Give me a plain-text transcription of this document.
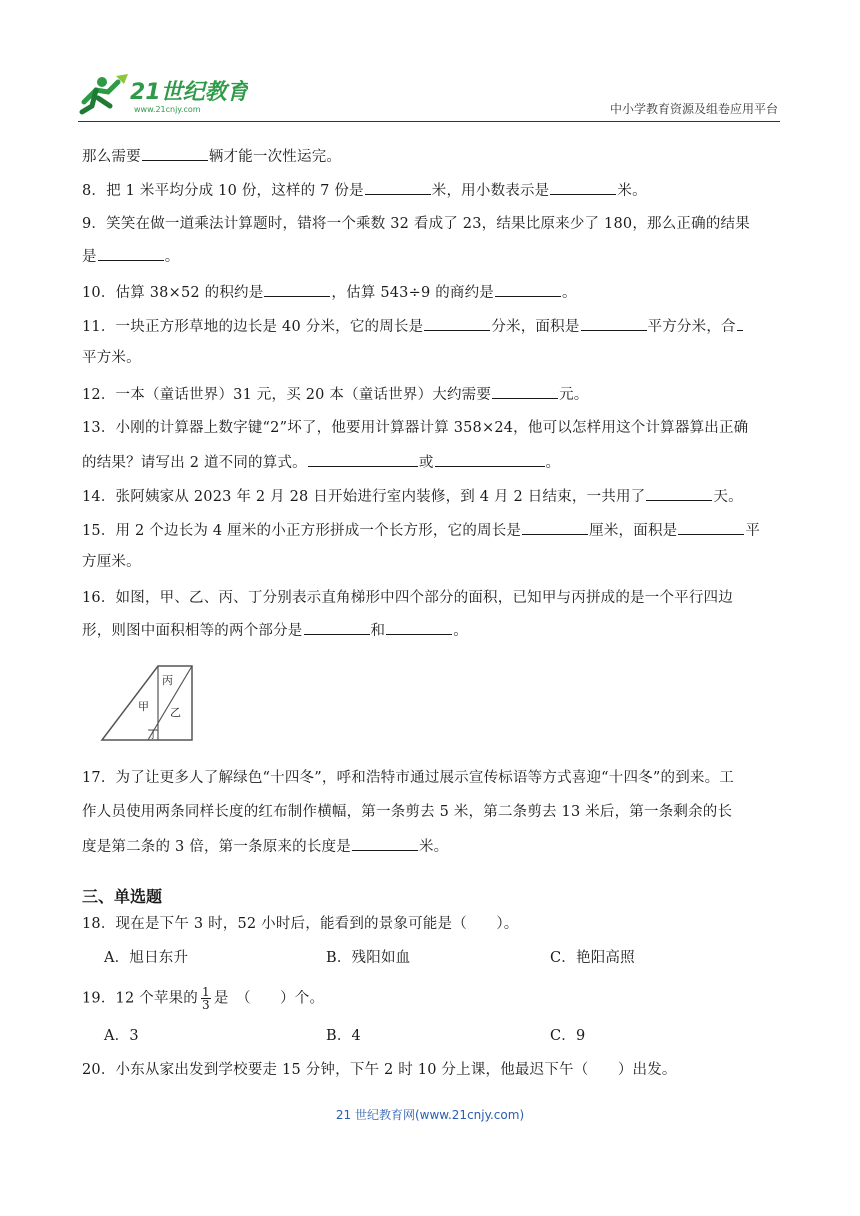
21世纪教育
www.21cnjy.com	中小学教育资源及组卷应用平台
那么需要	辆才能一次性运完。
8．把 1 米平均分成 10 份，这样的 7 份是	米，用小数表示是	米。
9．笑笑在做一道乘法计算题时，错将一个乘数 32 看成了 23，结果比原来少了 180，那么正确的结果
是	。
10．估算 38×52 的积约是	，估算 543÷9 的商约是	。
11．一块正方形草地的边长是 40 分米，它的周长是	分米，面积是	平方分米，合
平方米。
12．一本（童话世界）31 元，买 20 本（童话世界）大约需要	元。
13．小刚的计算器上数字键“2”坏了，他要用计算器计算 358×24，他可以怎样用这个计算器算出正确
的结果？请写出 2 道不同的算式。	或	。
14．张阿姨家从 2023 年 2 月 28 日开始进行室内装修，到 4 月 2 日结束，一共用了	天。
15．用 2 个边长为 4 厘米的小正方形拼成一个长方形，它的周长是	厘米，面积是	平
方厘米。
16．如图，甲、乙、丙、丁分别表示直角梯形中四个部分的面积，已知甲与丙拼成的是一个平行四边
形，则图中面积相等的两个部分是	和	。
丙
甲 乙
丁
17．为了让更多人了解绿色“十四冬”，呼和浩特市通过展示宣传标语等方式喜迎“十四冬”的到来。工
作人员使用两条同样长度的红布制作横幅，第一条剪去 5 米，第二条剪去 13 米后，第一条剩余的长
度是第二条的 3 倍，第一条原来的长度是	米。
三、单选题
18．现在是下午 3 时，52 小时后，能看到的景象可能是（　　）。
A．旭日东升	B．残阳如血	C．艳阳高照
19．12 个苹果的 $\frac{1}{3}$ 是　（　　）个。
A．3	B．4	C．9
20．小东从家出发到学校要走 15 分钟，下午 2 时 10 分上课，他最迟下午（　　）出发。
21 世纪教育网(www.21cnjy.com)
